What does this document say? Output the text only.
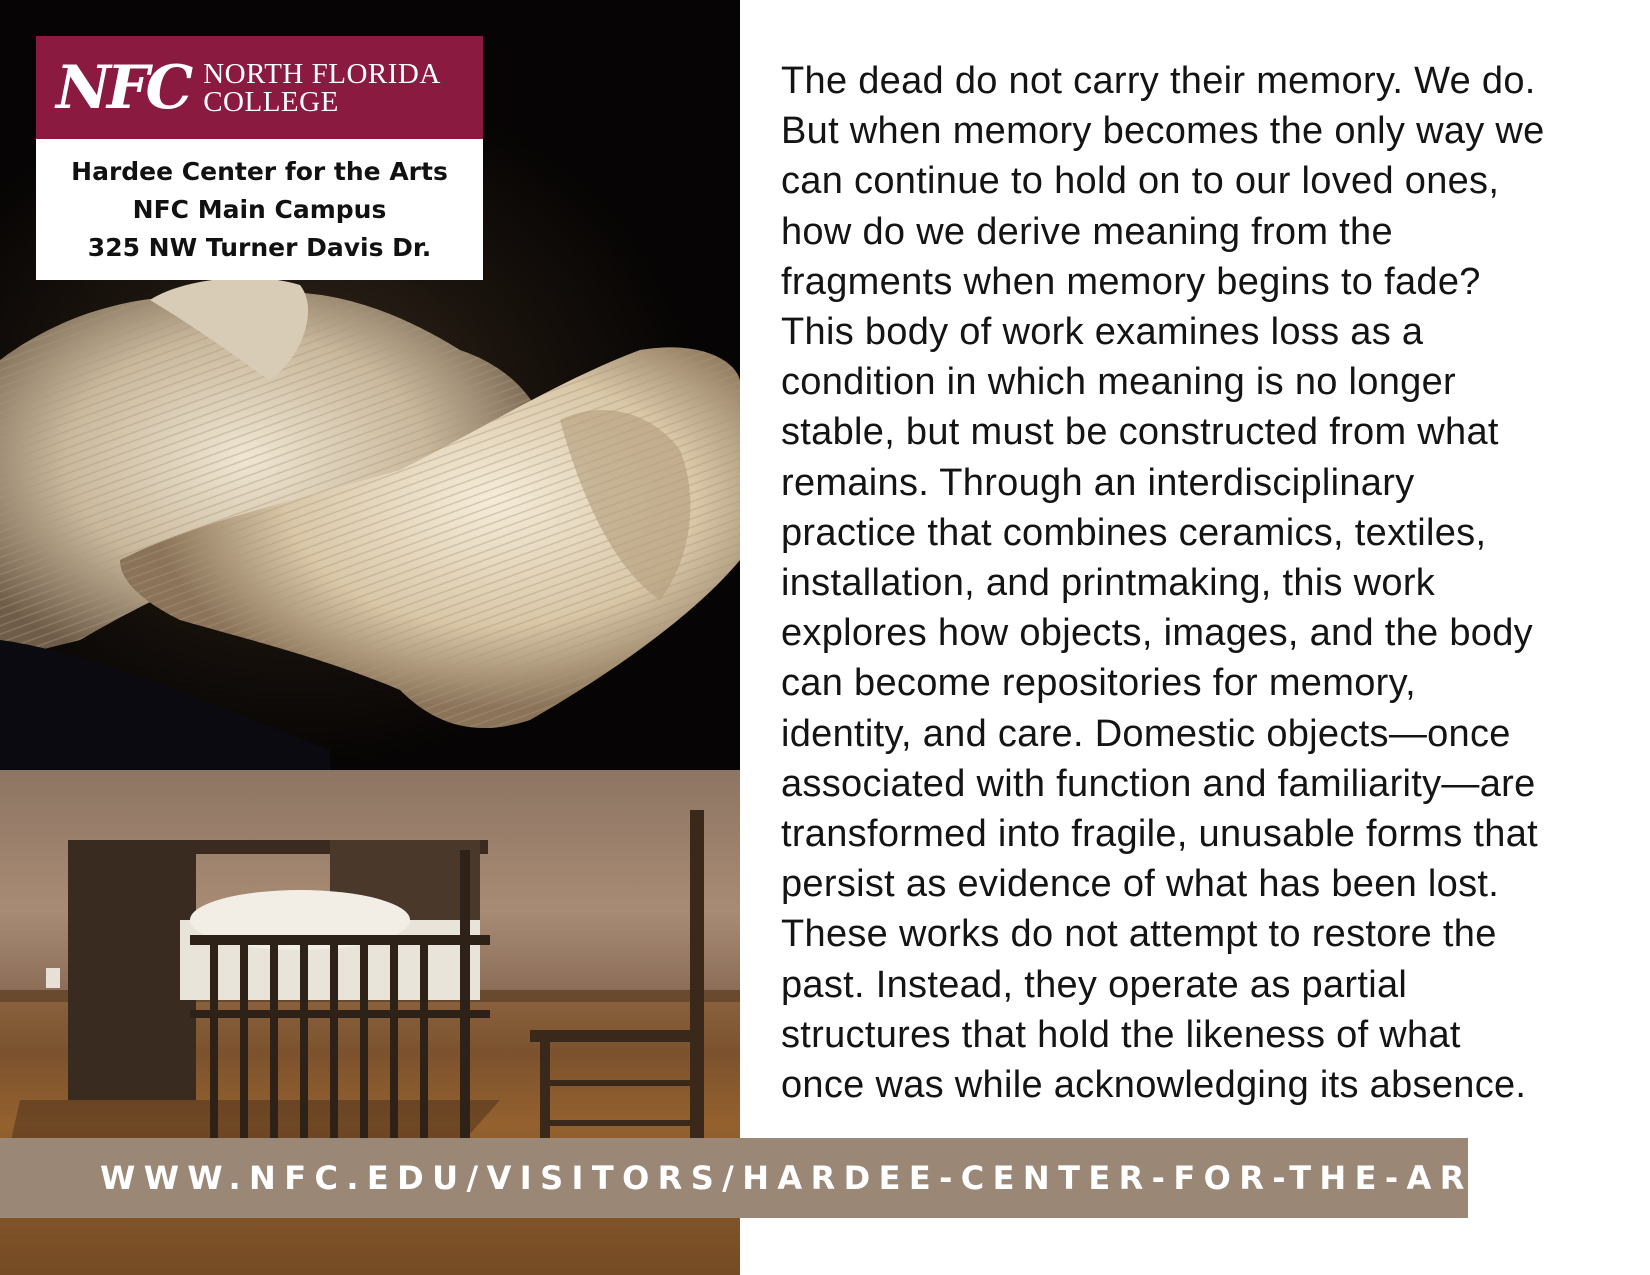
NFC NORTH FLORIDA
COLLEGE
Hardee Center for the Arts
NFC Main Campus
325 NW Turner Davis Dr.

The dead do not carry their memory. We do.
But when memory becomes the only way we
can continue to hold on to our loved ones,
how do we derive meaning from the
fragments when memory begins to fade?
This body of work examines loss as a
condition in which meaning is no longer
stable, but must be constructed from what
remains. Through an interdisciplinary
practice that combines ceramics, textiles,
installation, and printmaking, this work
explores how objects, images, and the body
can become repositories for memory,
identity, and care. Domestic objects—once
associated with function and familiarity—are
transformed into fragile, unusable forms that
persist as evidence of what has been lost.
These works do not attempt to restore the
past. Instead, they operate as partial
structures that hold the likeness of what
once was while acknowledging its absence.

WWW.NFC.EDU/VISITORS/HARDEE-CENTER-FOR-THE-ARTS/
